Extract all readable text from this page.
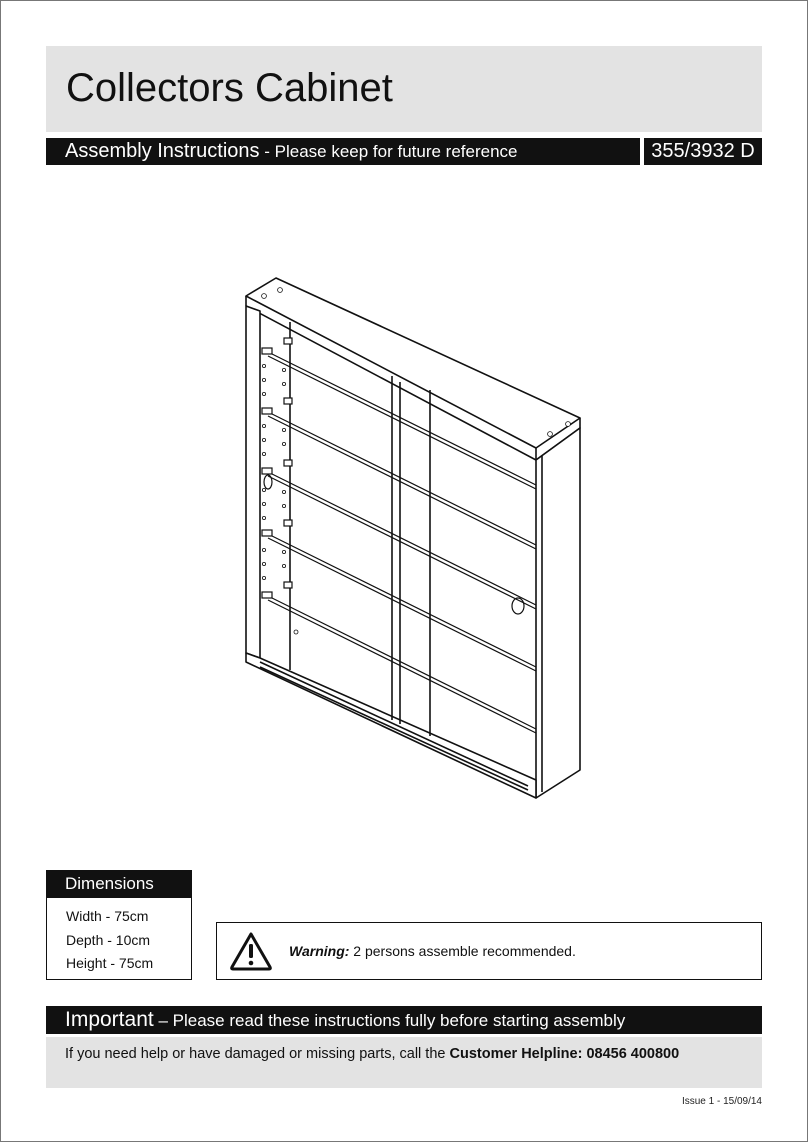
Collectors Cabinet
Assembly Instructions - Please keep for future reference	355/3932 D
Dimensions
Width - 75cm
Depth - 10cm
Height - 75cm
Warning: 2 persons assemble recommended.
Important – Please read these instructions fully before starting assembly
If you need help or have damaged or missing parts, call the Customer Helpline: 08456 400800
Issue 1 - 15/09/14
